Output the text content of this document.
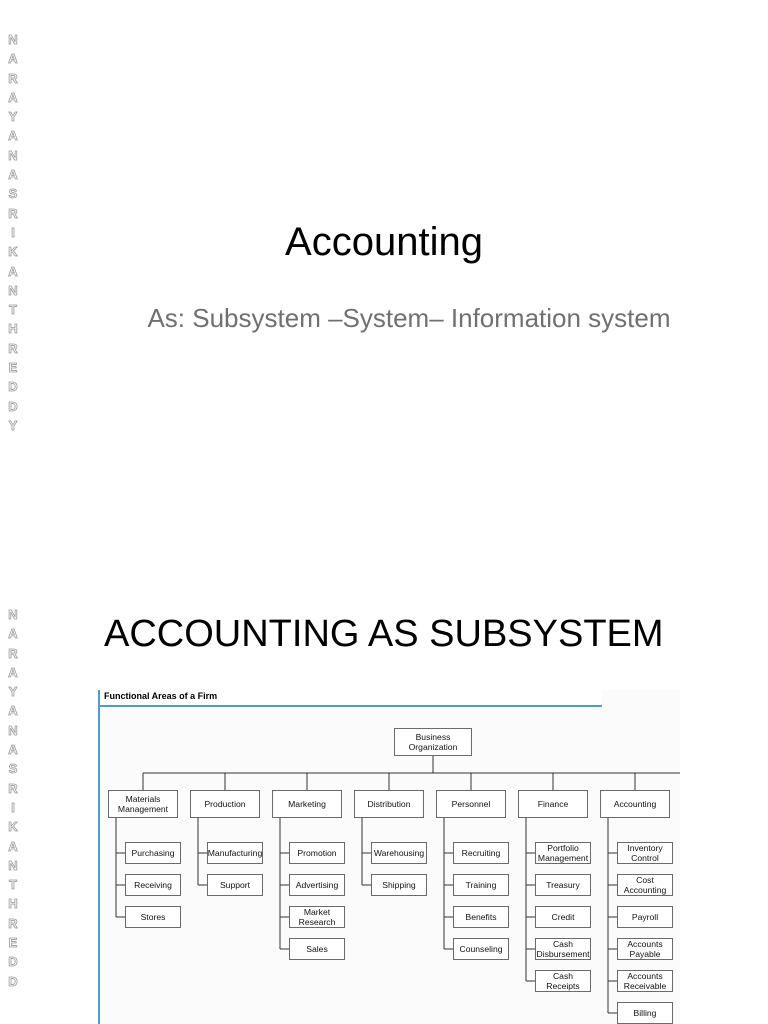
N
A
R
A
Y
A
N
A
S
R
I
K
A
N
T
H
R
E
D
D
Y
N
A
R
A
Y
A
N
A
S
R
I
K
A
N
T
H
R
E
D
D
Accounting
As: Subsystem –System– Information system
ACCOUNTING AS SUBSYSTEM
Functional Areas of a Firm
Business Organization
Materials Management
Purchasing
Receiving
Stores
Production
Manufacturing
Support
Marketing
Promotion
Advertising
Market Research
Sales
Distribution
Warehousing
Shipping
Personnel
Recruiting
Training
Benefits
Counseling
Finance
Portfolio Management
Treasury
Credit
Cash Disbursement
Cash Receipts
Accounting
Inventory Control
Cost Accounting
Payroll
Accounts Payable
Accounts Receivable
Billing
